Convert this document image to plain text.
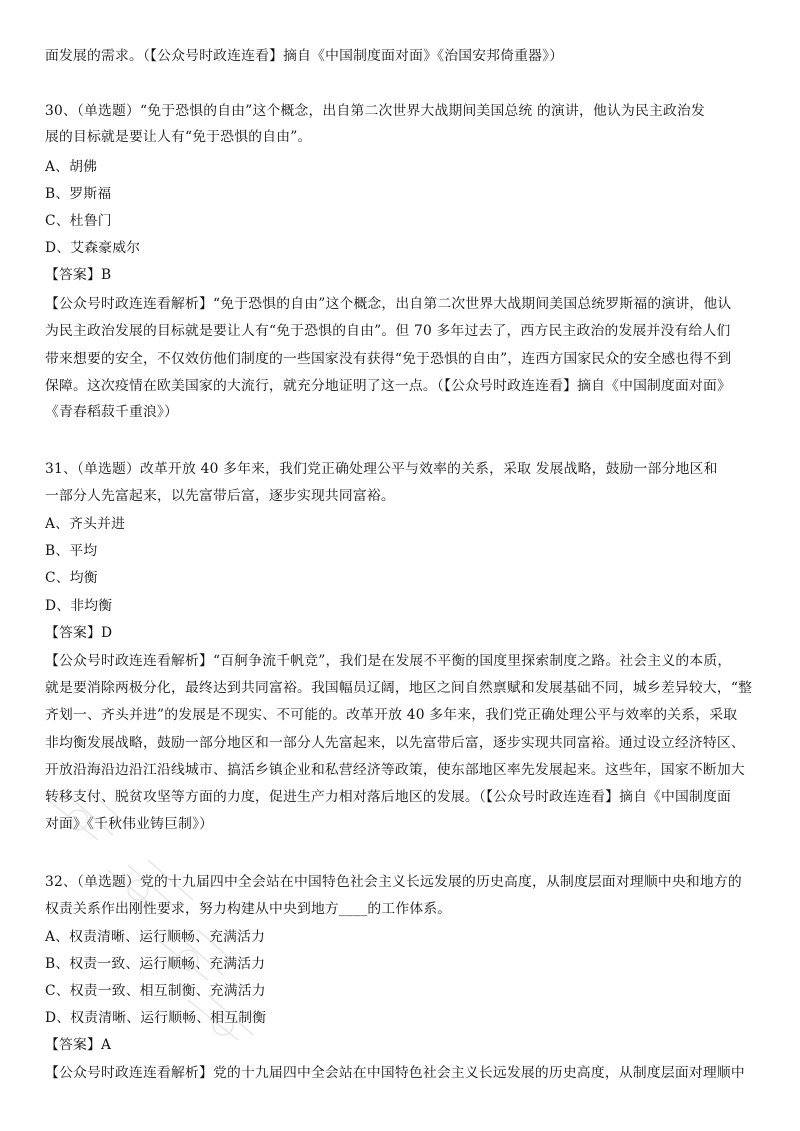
面发展的需求。（【公众号时政连连看】摘自《中国制度面对面》《治国安邦倚重器》）
30、（单选题）“免于恐惧的自由”这个概念，出自第二次世界大战期间美国总统 的演讲，他认为民主政治发
展的目标就是要让人有“免于恐惧的自由”。
A、胡佛
B、罗斯福
C、杜鲁门
D、艾森豪威尔
【答案】B
【公众号时政连连看解析】“免于恐惧的自由”这个概念，出自第二次世界大战期间美国总统罗斯福的演讲，他认
为民主政治发展的目标就是要让人有“免于恐惧的自由”。但 70 多年过去了，西方民主政治的发展并没有给人们
带来想要的安全，不仅效仿他们制度的一些国家没有获得“免于恐惧的自由”，连西方国家民众的安全感也得不到
保障。这次疫情在欧美国家的大流行，就充分地证明了这一点。（【公众号时政连连看】摘自《中国制度面对面》
《青春稻菽千重浪》）
31、（单选题）改革开放 40 多年来，我们党正确处理公平与效率的关系，采取 发展战略，鼓励一部分地区和
一部分人先富起来，以先富带后富，逐步实现共同富裕。
A、齐头并进
B、平均
C、均衡
D、非均衡
【答案】D
【公众号时政连连看解析】“百舸争流千帆竞”，我们是在发展不平衡的国度里探索制度之路。社会主义的本质，
就是要消除两极分化，最终达到共同富裕。我国幅员辽阔，地区之间自然禀赋和发展基础不同，城乡差异较大，“整
齐划一、齐头并进”的发展是不现实、不可能的。改革开放 40 多年来，我们党正确处理公平与效率的关系，采取
非均衡发展战略，鼓励一部分地区和一部分人先富起来，以先富带后富，逐步实现共同富裕。通过设立经济特区、
开放沿海沿边沿江沿线城市、搞活乡镇企业和私营经济等政策，使东部地区率先发展起来。这些年，国家不断加大
转移支付、脱贫攻坚等方面的力度，促进生产力相对落后地区的发展。（【公众号时政连连看】摘自《中国制度面
对面》《千秋伟业铸巨制》）
32、（单选题）党的十九届四中全会站在中国特色社会主义长远发展的历史高度，从制度层面对理顺中央和地方的
权责关系作出刚性要求，努力构建从中央到地方____的工作体系。
A、权责清晰、运行顺畅、充满活力
B、权责一致、运行顺畅、充满活力
C、权责一致、相互制衡、充满活力
D、权责清晰、运行顺畅、相互制衡
【答案】A
【公众号时政连连看解析】党的十九届四中全会站在中国特色社会主义长远发展的历史高度，从制度层面对理顺中
